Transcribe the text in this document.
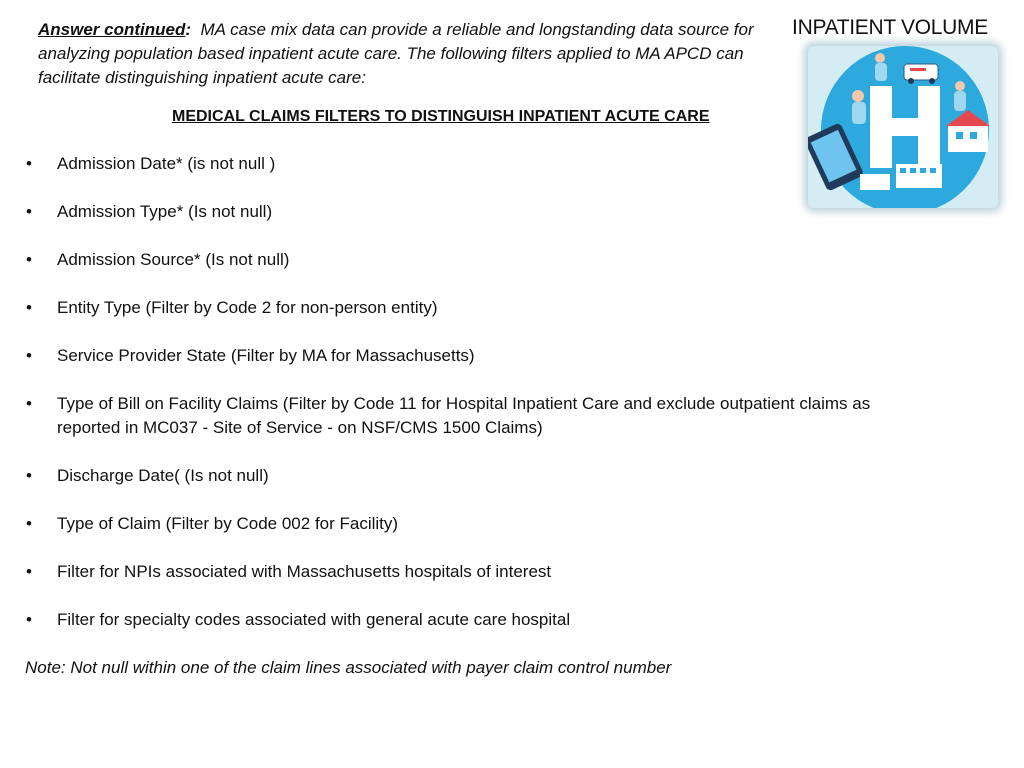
Answer continued:  MA case mix data can provide a reliable and longstanding data source for analyzing population based inpatient acute care. The following filters applied to MA APCD can facilitate distinguishing inpatient acute care:
INPATIENT VOLUME
MEDICAL CLAIMS FILTERS TO DISTINGUISH INPATIENT ACUTE CARE
•	Admission Date* (is not null )
•	Admission Type* (Is not null)
•	Admission Source* (Is not null)
•	Entity Type (Filter by Code 2 for non-person entity)
•	Service Provider State (Filter by MA for Massachusetts)
•	Type of Bill on Facility Claims (Filter by Code 11 for Hospital Inpatient Care and exclude outpatient claims as reported in MC037 - Site of Service - on NSF/CMS 1500 Claims)
•	Discharge Date( (Is not null)
•	Type of Claim (Filter by Code 002 for Facility)
•	Filter for NPIs associated with Massachusetts hospitals of interest
•	Filter for specialty codes associated with general acute care hospital
Note: Not null within one of the claim lines associated with payer claim control number
